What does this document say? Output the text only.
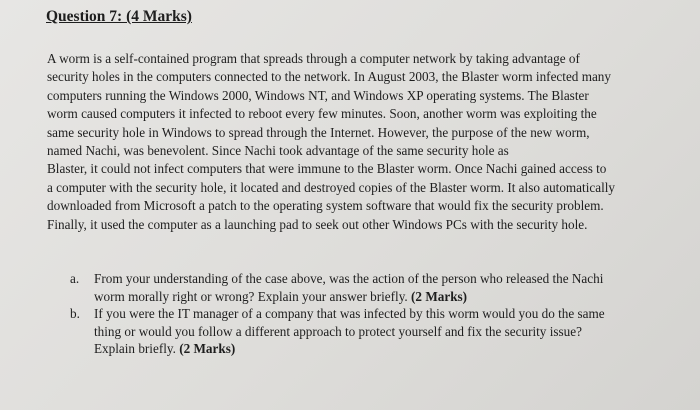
Question 7: (4 Marks)
A worm is a self-contained program that spreads through a computer network by taking advantage of
security holes in the computers connected to the network. In August 2003, the Blaster worm infected many
computers running the Windows 2000, Windows NT, and Windows XP operating systems. The Blaster
worm caused computers it infected to reboot every few minutes. Soon, another worm was exploiting the
same security hole in Windows to spread through the Internet. However, the purpose of the new worm,
named Nachi, was benevolent. Since Nachi took advantage of the same security hole as
Blaster, it could not infect computers that were immune to the Blaster worm. Once Nachi gained access to
a computer with the security hole, it located and destroyed copies of the Blaster worm. It also automatically
downloaded from Microsoft a patch to the operating system software that would fix the security problem.
Finally, it used the computer as a launching pad to seek out other Windows PCs with the security hole.
a. From your understanding of the case above, was the action of the person who released the Nachi
worm morally right or wrong? Explain your answer briefly. (2 Marks)
b. If you were the IT manager of a company that was infected by this worm would you do the same
thing or would you follow a different approach to protect yourself and fix the security issue?
Explain briefly. (2 Marks)
